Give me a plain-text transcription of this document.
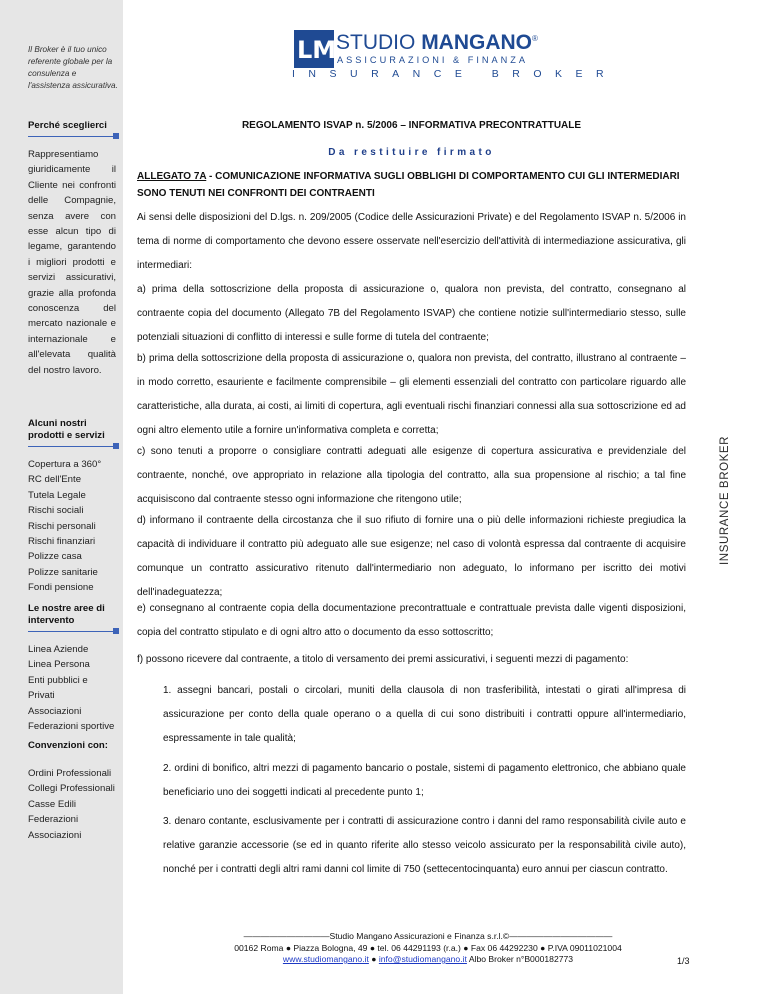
Il Broker è il tuo unico referente globale per la consulenza e l'assistenza assicurativa.
Perché sceglierci
Rappresentiamo giuridicamente il Cliente nei confronti delle Compagnie, senza avere con esse alcun tipo di legame, garantendo i migliori prodotti e servizi assicurativi, grazie alla profonda conoscenza del mercato nazionale e internazionale e all'elevata qualità del nostro lavoro.
Alcuni nostri prodotti e servizi
Copertura a 360°
RC dell'Ente
Tutela Legale
Rischi sociali
Rischi personali
Rischi finanziari
Polizze casa
Polizze sanitarie
Fondi pensione
Le nostre aree di intervento
Linea Aziende
Linea Persona
Enti pubblici e Privati
Associazioni
Federazioni sportive
Convenzioni con:
Ordini Professionali
Collegi Professionali
Casse Edili
Federazioni
Associazioni
LM STUDIO MANGANO®
ASSICURAZIONI & FINANZA
INSURANCE BROKER
INSURANCE BROKER
REGOLAMENTO ISVAP n. 5/2006 – INFORMATIVA PRECONTRATTUALE
Da restituire firmato
ALLEGATO 7A - COMUNICAZIONE INFORMATIVA SUGLI OBBLIGHI DI COMPORTAMENTO CUI GLI INTERMEDIARI SONO TENUTI NEI CONFRONTI DEI CONTRAENTI
Ai sensi delle disposizioni del D.lgs. n. 209/2005 (Codice delle Assicurazioni Private) e del Regolamento ISVAP n. 5/2006 in tema di norme di comportamento che devono essere osservate nell'esercizio dell'attività di intermediazione assicurativa, gli intermediari:
a) prima della sottoscrizione della proposta di assicurazione o, qualora non prevista, del contratto, consegnano al contraente copia del documento (Allegato 7B del Regolamento ISVAP) che contiene notizie sull'intermediario stesso, sulle potenziali situazioni di conflitto di interessi e sulle forme di tutela del contraente;
b) prima della sottoscrizione della proposta di assicurazione o, qualora non prevista, del contratto, illustrano al contraente – in modo corretto, esauriente e facilmente comprensibile – gli elementi essenziali del contratto con particolare riguardo alle caratteristiche, alla durata, ai costi, ai limiti di copertura, agli eventuali rischi finanziari connessi alla sua sottoscrizione ed ad ogni altro elemento utile a fornire un'informativa completa e corretta;
c) sono tenuti a proporre o consigliare contratti adeguati alle esigenze di copertura assicurativa e previdenziale del contraente, nonché, ove appropriato in relazione alla tipologia del contratto, alla sua propensione al rischio; a tal fine acquisiscono dal contraente stesso ogni informazione che ritengono utile;
d) informano il contraente della circostanza che il suo rifiuto di fornire una o più delle informazioni richieste pregiudica la capacità di individuare il contratto più adeguato alle sue esigenze; nel caso di volontà espressa dal contraente di acquisire comunque un contratto assicurativo ritenuto dall'intermediario non adeguato, lo informano per iscritto dei motivi dell'inadeguatezza;
e) consegnano al contraente copia della documentazione precontrattuale e contrattuale prevista dalle vigenti disposizioni, copia del contratto stipulato e di ogni altro atto o documento da esso sottoscritto;
f) possono ricevere dal contraente, a titolo di versamento dei premi assicurativi, i seguenti mezzi di pagamento:
1. assegni bancari, postali o circolari, muniti della clausola di non trasferibilità, intestati o girati all'impresa di assicurazione per conto della quale operano o a quella di cui sono distribuiti i contratti oppure all'intermediario, espressamente in tale qualità;
2. ordini di bonifico, altri mezzi di pagamento bancario o postale, sistemi di pagamento elettronico, che abbiano quale beneficiario uno dei soggetti indicati al precedente punto 1;
3. denaro contante, esclusivamente per i contratti di assicurazione contro i danni del ramo responsabilità civile auto e relative garanzie accessorie (se ed in quanto riferite allo stesso veicolo assicurato per la responsabilità civile auto), nonché per i contratti degli altri rami danni col limite di 750 (settecentocinquanta) euro annui per ciascun contratto.
——————————Studio Mangano Assicurazioni e Finanza s.r.l.©————————————
00162 Roma ● Piazza Bologna, 49 ● tel. 06 44291193 (r.a.) ● Fax 06 44292230 ● P.IVA 09011021004
www.studiomangano.it ● info@studiomangano.it Albo Broker n°B000182773	1/3
